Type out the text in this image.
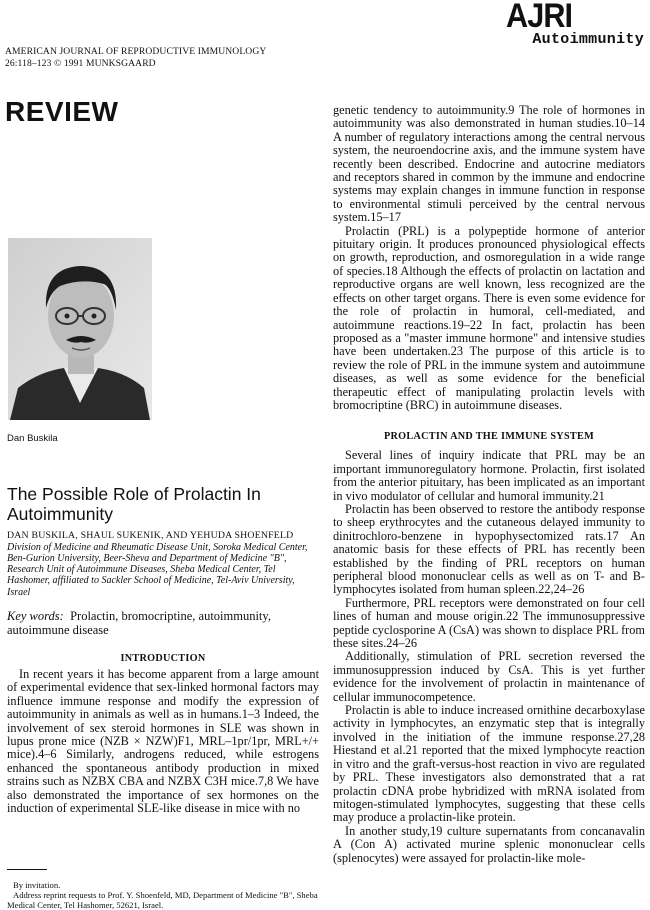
AMERICAN JOURNAL OF REPRODUCTIVE IMMUNOLOGY
26:118–123 © 1991 MUNKSGAARD
AJRI
Autoimmunity
REVIEW
Dan Buskila
The Possible Role of Prolactin In Autoimmunity
DAN BUSKILA, SHAUL SUKENIK, AND YEHUDA SHOENFELD
Division of Medicine and Rheumatic Disease Unit, Soroka Medical Center, Ben-Gurion University, Beer-Sheva and Department of Medicine "B", Research Unit of Autoimmune Diseases, Sheba Medical Center, Tel Hashomer, affiliated to Sackler School of Medicine, Tel-Aviv University, Israel
Key words: Prolactin, bromocriptine, autoimmunity, autoimmune disease
INTRODUCTION

In recent years it has become apparent from a large amount of experimental evidence that sex-linked hormonal factors may influence immune response and modify the expression of autoimmunity in animals as well as in humans.1–3 Indeed, the involvement of sex steroid hormones in SLE was shown in lupus prone mice (NZB × NZW)F1, MRL–1pr/1pr, MRL+/+ mice).4–6 Similarly, androgens reduced, while estrogens enhanced the spontaneous antibody production in mixed strains such as NZBX CBA and NZBX C3H mice.7,8 We have also demonstrated the importance of sex hormones on the induction of experimental SLE-like disease in mice with no

By invitation.

Address reprint requests to Prof. Y. Shoenfeld, MD, Department of Medicine "B", Sheba Medical Center, Tel Hashomer, 52621, Israel.

genetic tendency to autoimmunity.9 The role of hormones in autoimmunity was also demonstrated in human studies.10–14 A number of regulatory interactions among the central nervous system, the neuroendocrine axis, and the immune system have recently been described. Endocrine and autocrine mediators and receptors shared in common by the immune and endocrine systems may explain changes in immune function in response to environmental stimuli perceived by the central nervous system.15–17

Prolactin (PRL) is a polypeptide hormone of anterior pituitary origin. It produces pronounced physiological effects on growth, reproduction, and osmoregulation in a wide range of species.18 Although the effects of prolactin on lactation and reproductive organs are well known, less recognized are the effects on other target organs. There is even some evidence for the role of prolactin in humoral, cell-mediated, and autoimmune reactions.19–22 In fact, prolactin has been proposed as a "master immune hormone" and intensive studies have been undertaken.23 The purpose of this article is to review the role of PRL in the immune system and autoimmune diseases, as well as some evidence for the beneficial therapeutic effect of manipulating prolactin levels with bromocriptine (BRC) in autoimmune diseases.

PROLACTIN AND THE IMMUNE SYSTEM

Several lines of inquiry indicate that PRL may be an important immunoregulatory hormone. Prolactin, first isolated from the anterior pituitary, has been implicated as an important in vivo modulator of cellular and humoral immunity.21

Prolactin has been observed to restore the antibody response to sheep erythrocytes and the cutaneous delayed immunity to dinitrochloro-benzene in hypophysectomized rats.17 An anatomic basis for these effects of PRL has recently been established by the finding of PRL receptors on human peripheral blood mononuclear cells as well as on T- and B-lymphocytes isolated from human spleen.22,24–26

Furthermore, PRL receptors were demonstrated on four cell lines of human and mouse origin.22 The immunosuppressive peptide cyclosporine A (CsA) was shown to displace PRL from these sites.24–26

Additionally, stimulation of PRL secretion reversed the immunosuppression induced by CsA. This is yet further evidence for the involvement of prolactin in maintenance of cellular immunocompetence.

Prolactin is able to induce increased ornithine decarboxylase activity in lymphocytes, an enzymatic step that is integrally involved in the initiation of the immune response.27,28 Hiestand et al.21 reported that the mixed lymphocyte reaction in vitro and the graft-versus-host reaction in vivo are regulated by PRL. These investigators also demonstrated that a rat prolactin cDNA probe hybridized with mRNA isolated from mitogen-stimulated lymphocytes, suggesting that these cells may produce a prolactin-like protein.

In another study,19 culture supernatants from concanavalin A (Con A) activated murine splenic mononuclear cells (splenocytes) were assayed for prolactin-like mole-
